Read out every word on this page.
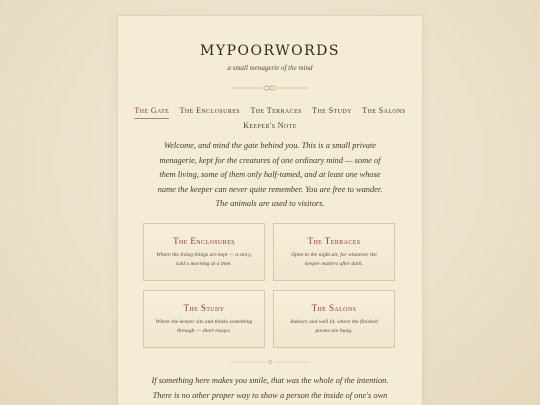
MYPOORWORDS
a small menagerie of the mind
The Gate The Enclosures The Terraces The Study The Salons
Keeper's Note

Welcome, and mind the gate behind you. This is a small private menagerie, kept for the creatures of one ordinary mind — some of them living, some of them only half-tamed, and at least one whose name the keeper can never quite remember. You are free to wander. The animals are used to visitors.

The Enclosures
Where the living things are kept — a story, told a morning at a time.
The Terraces
Open to the night air, for whatever the keeper mutters after dark.
The Study
Where the keeper sits and thinks something through — short essays.
The Salons
Indoors and well lit, where the finished poems are hung.

If something here makes you smile, that was the whole of the intention. There is no other proper way to show a person the inside of one's own
